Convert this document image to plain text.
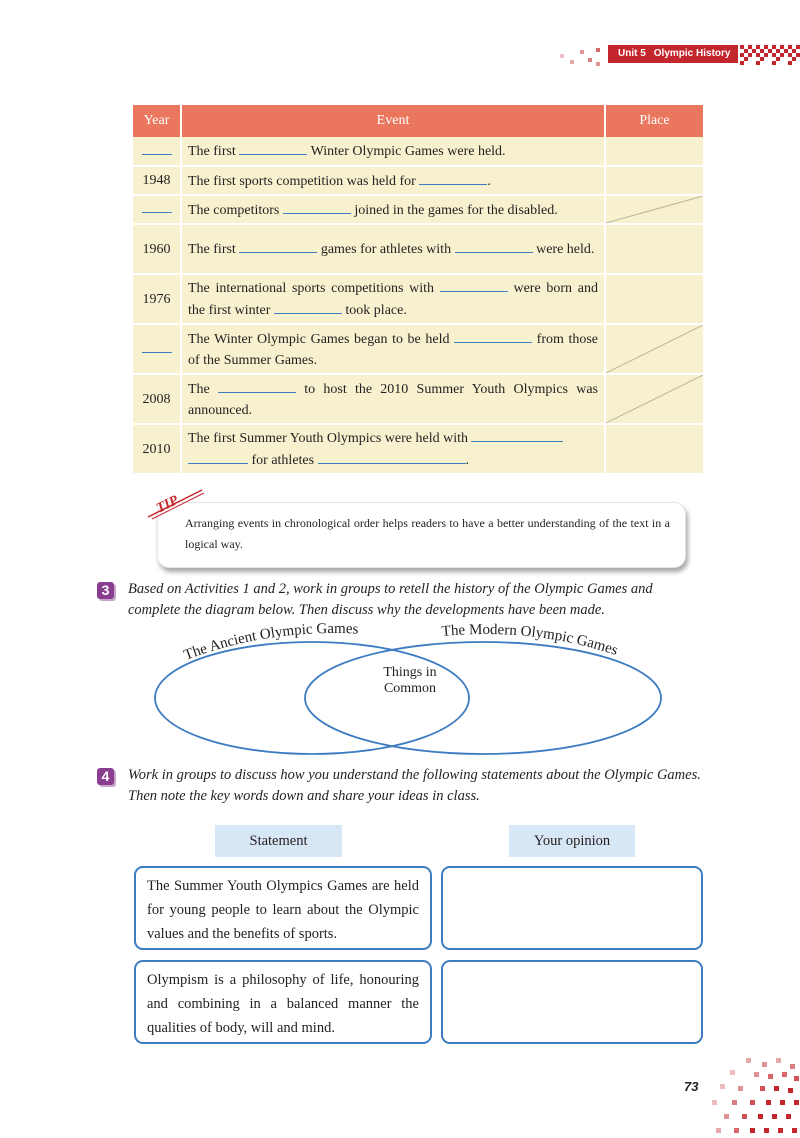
Unit 5 Olympic History
Year	Event	Place
	The first Winter Olympic Games were held.	
1948	The first sports competition was held for .	
	The competitors joined in the games for the disabled.	

1960	The first games for athletes with were held.	
1976	The international sports competitions with were born and the first winter took place.	
	The Winter Olympic Games began to be held from those of the Summer Games.	

2008	The to host the 2010 Summer Youth Olympics was announced.	

2010	The first Summer Youth Olympics were held with   for athletes .	
TIP
Arranging events in chronological order helps readers to have a better understanding of the text in a logical way.
3	Based on Activities 1 and 2, work in groups to retell the history of the Olympic Games and complete the diagram below. Then discuss why the developments have been made.
The Ancient Olympic Games	The Modern Olympic Games
Things in
Common
4	Work in groups to discuss how you understand the following statements about the Olympic Games. Then note the key words down and share your ideas in class.
Statement	Your opinion
The Summer Youth Olympics Games are held for young people to learn about the Olympic values and the benefits of sports.
Olympism is a philosophy of life, honouring and combining in a balanced manner the qualities of body, will and mind.
73
